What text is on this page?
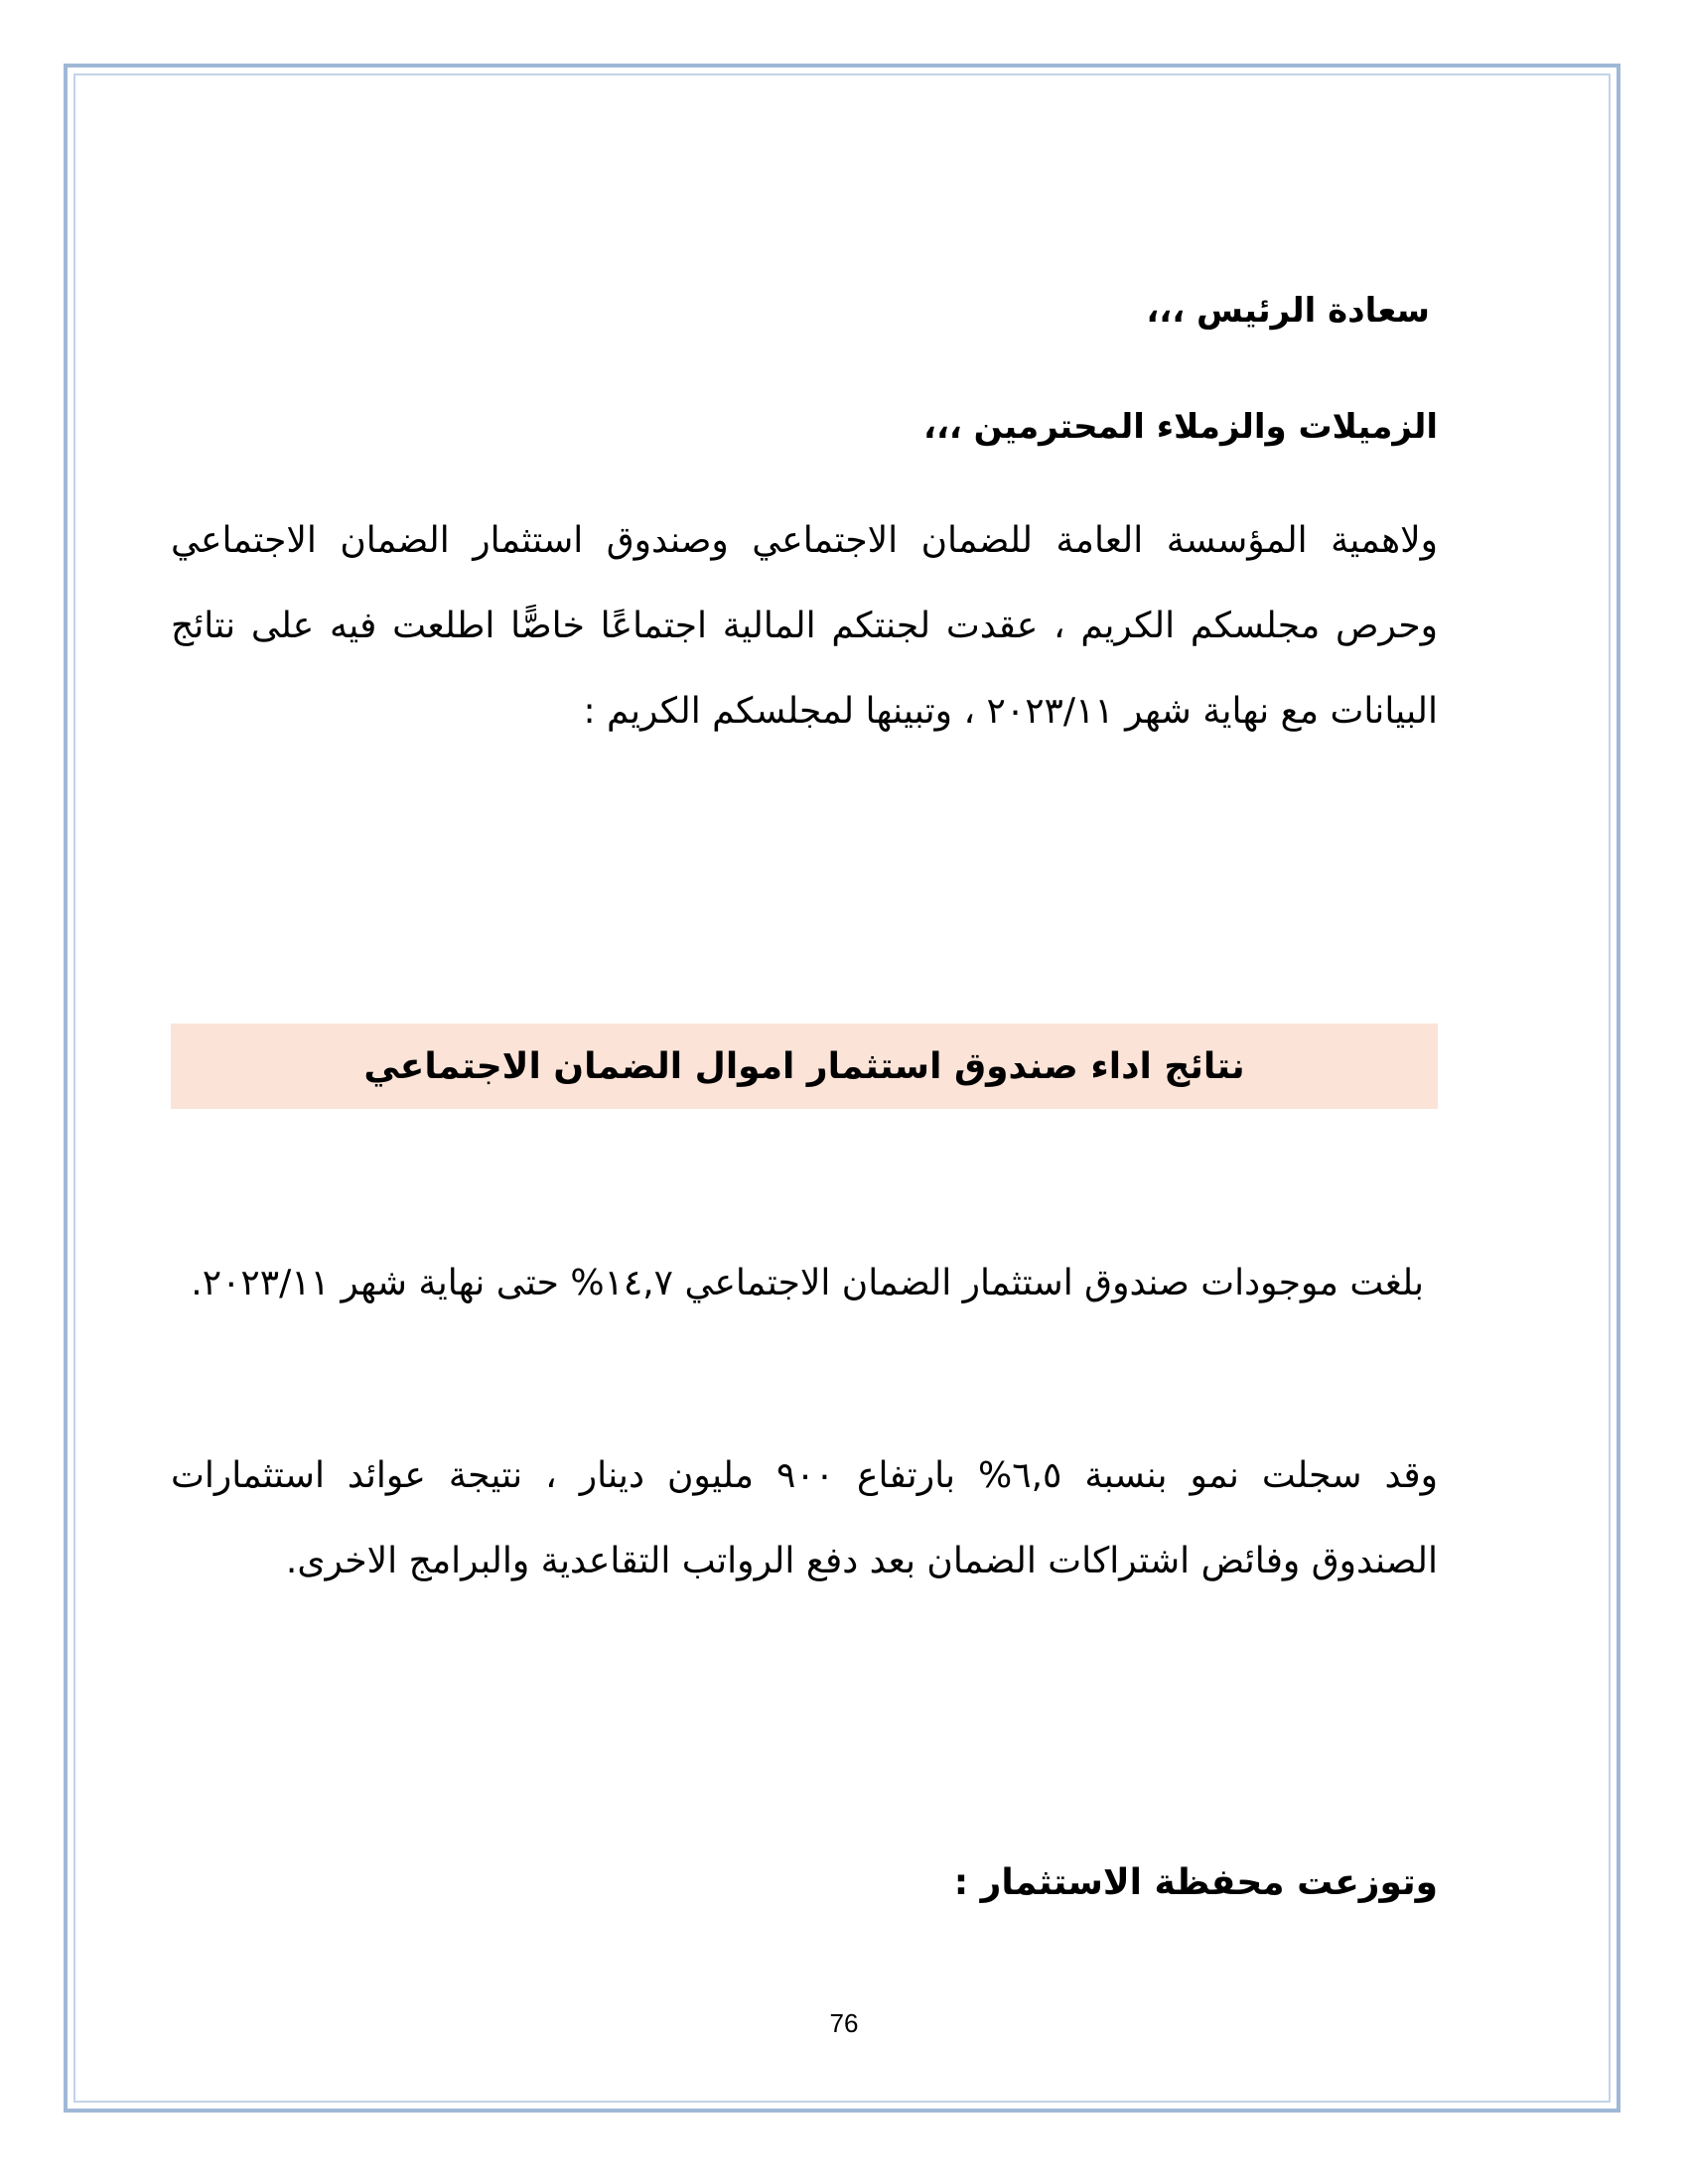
سعادة الرئيس ،،،
الزميلات والزملاء المحترمين ،،،
ولاهمية المؤسسة العامة للضمان الاجتماعي وصندوق استثمار الضمان الاجتماعي وحرص مجلسكم الكريم ، عقدت لجنتكم المالية اجتماعًا خاصًّا اطلعت فيه على نتائج البيانات مع نهاية شهر ٢٠٢٣/١١ ، وتبينها لمجلسكم الكريم :
نتائج اداء صندوق استثمار اموال الضمان الاجتماعي
بلغت موجودات صندوق استثمار الضمان الاجتماعي ١٤,٧% حتى نهاية شهر ٢٠٢٣/١١.
وقد سجلت نمو بنسبة ٦,٥% بارتفاع ٩٠٠ مليون دينار ، نتيجة عوائد استثمارات الصندوق وفائض اشتراكات الضمان بعد دفع الرواتب التقاعدية والبرامج الاخرى.
وتوزعت محفظة الاستثمار :
76
